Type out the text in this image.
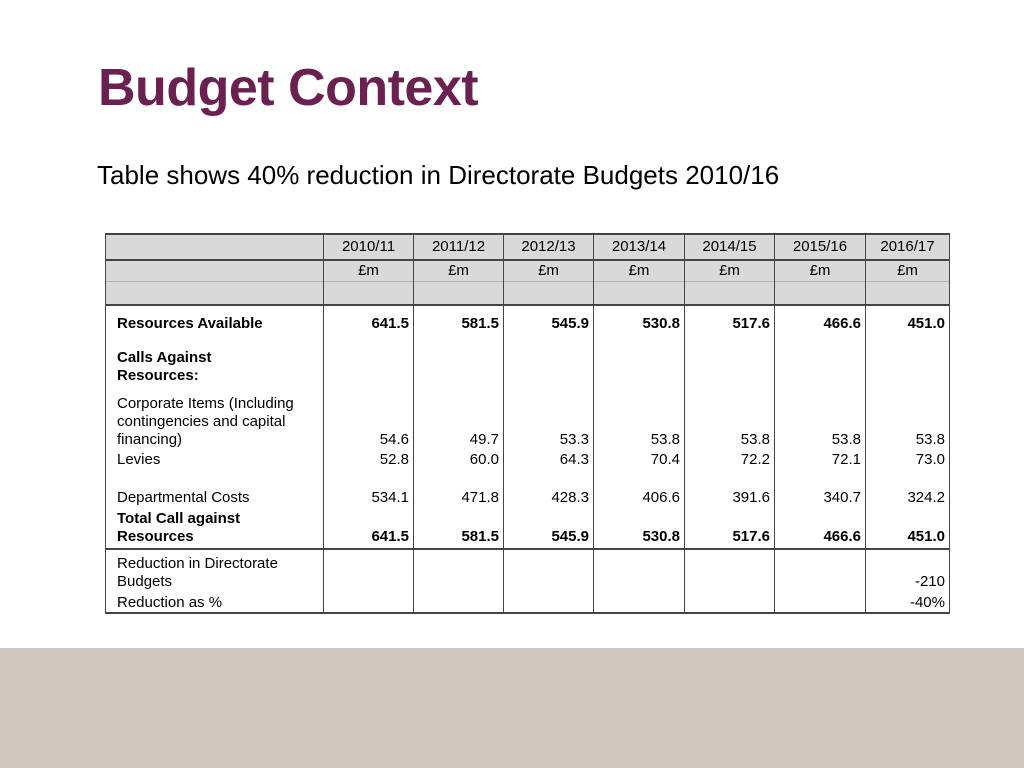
Budget Context
Table shows 40% reduction in Directorate Budgets 2010/16
	2010/11	2011/12	2012/13	2013/14	2014/15	2015/16	2016/17
	£m	£m	£m	£m	£m	£m	£m

Resources Available	641.5	581.5	545.9	530.8	517.6	466.6	451.0
Calls Against Resources:							
Corporate Items (Including contingencies and capital financing)	54.6	49.7	53.3	53.8	53.8	53.8	53.8
Levies	52.8	60.0	64.3	70.4	72.2	72.1	73.0
Departmental Costs	534.1	471.8	428.3	406.6	391.6	340.7	324.2
Total Call against Resources	641.5	581.5	545.9	530.8	517.6	466.6	451.0
Reduction in Directorate Budgets							-210
Reduction as %							-40%
